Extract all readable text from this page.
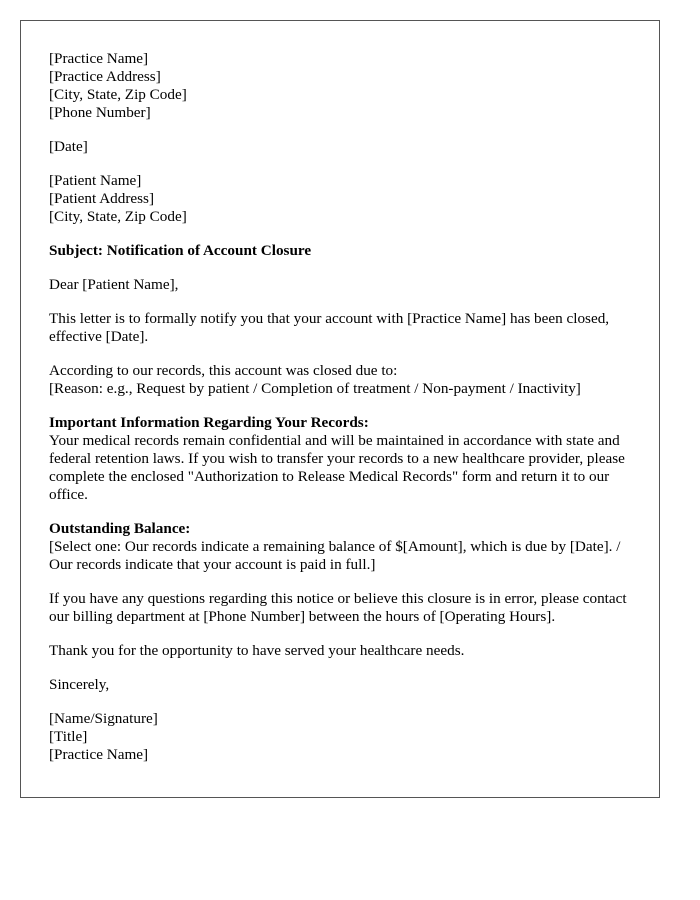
[Practice Name]
[Practice Address]
[City, State, Zip Code]
[Phone Number]
[Date]
[Patient Name]
[Patient Address]
[City, State, Zip Code]
Subject: Notification of Account Closure
Dear [Patient Name],
This letter is to formally notify you that your account with [Practice Name] has been closed, effective [Date].
According to our records, this account was closed due to:
[Reason: e.g., Request by patient / Completion of treatment / Non-payment / Inactivity]
Important Information Regarding Your Records:
Your medical records remain confidential and will be maintained in accordance with state and federal retention laws. If you wish to transfer your records to a new healthcare provider, please complete the enclosed "Authorization to Release Medical Records" form and return it to our office.
Outstanding Balance:
[Select one: Our records indicate a remaining balance of $[Amount], which is due by [Date]. / Our records indicate that your account is paid in full.]
If you have any questions regarding this notice or believe this closure is in error, please contact our billing department at [Phone Number] between the hours of [Operating Hours].
Thank you for the opportunity to have served your healthcare needs.
Sincerely,
[Name/Signature]
[Title]
[Practice Name]
